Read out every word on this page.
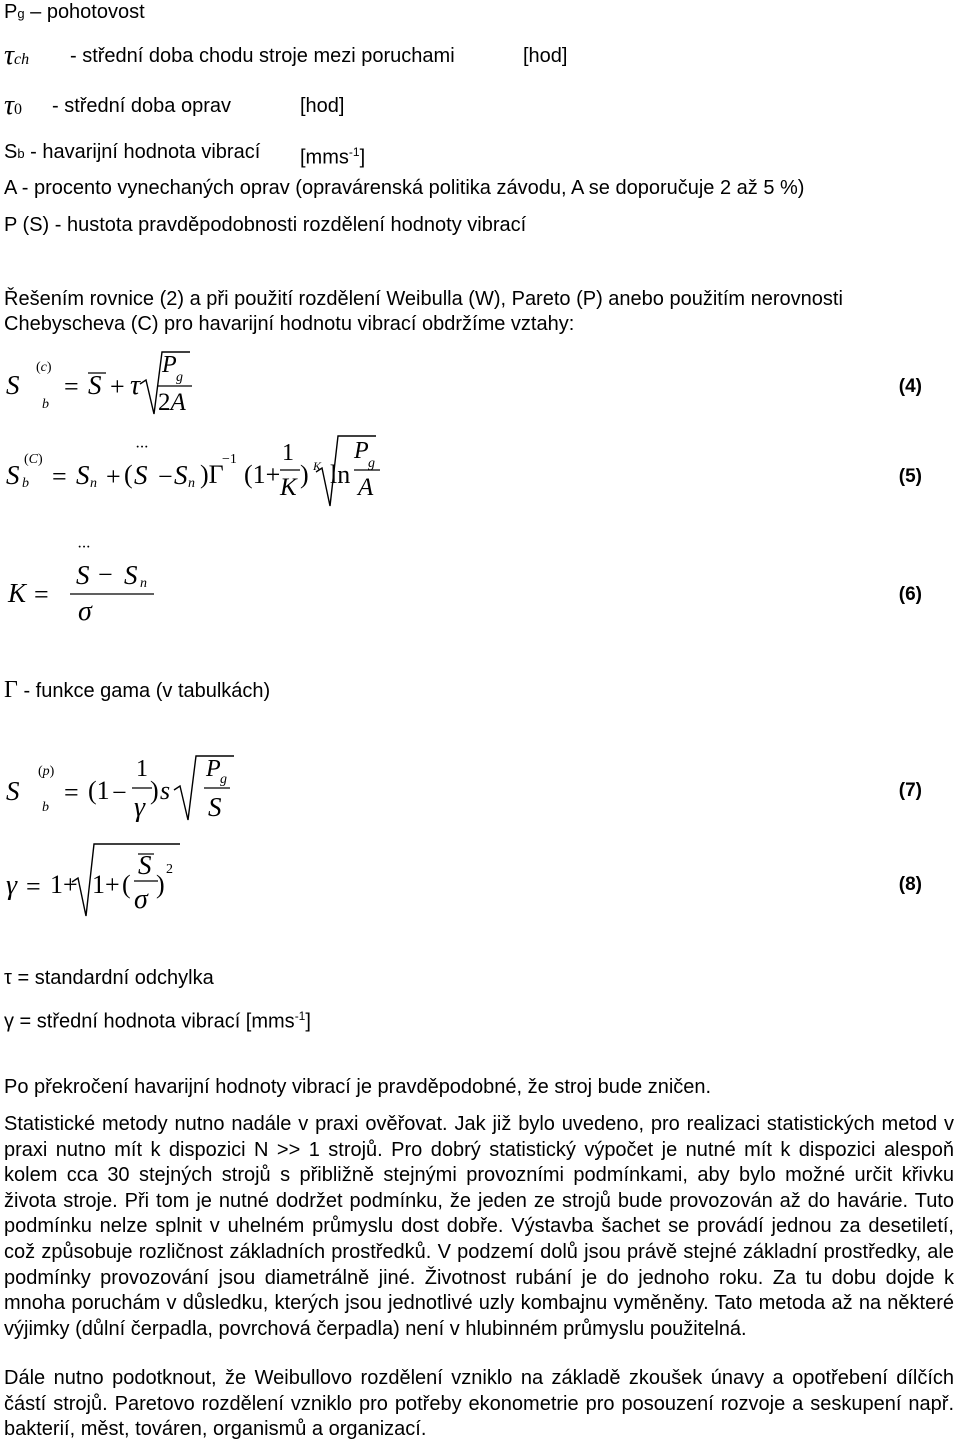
Pg – pohotovost
τch - střední doba chodu stroje mezi poruchami	[hod]
τ0 - střední doba oprav	[hod]
Sb - havarijní hodnota vibrací [mms$^{-1}$]
A - procento vynechaných oprav (opravárenská politika závodu, A se doporučuje 2 až 5 %)
P (S) - hustota pravděpodobnosti rozdělení hodnoty vibrací
Řešením rovnice (2) a při použití rozdělení Weibulla (W), Pareto (P) anebo použitím nerovnosti
Chebyscheva (C) pro havarijní hodnotu vibrací obdržíme vztahy:
S
(c)
b
= S + τ
P g
2A
(4)
S
(C)
b = S n + ( S
···
− S n )Γ
−1
(1+
1
K ) K ln
P g
A	(5)
K =
S
···
− S n
σ
(6)
Γ - funkce gama (v tabulkách)
S
(p)
b
= (1 −
1
γ
) s
P g
S
(7)
γ = 1+ 1+ (
S
σ )
2
(8)
τ = standardní odchylka
γ = střední hodnota vibrací [mms$^{-1}$]
Po překročení havarijní hodnoty vibrací je pravděpodobné, že stroj bude zničen.
Statistické metody nutno nadále v praxi ověřovat. Jak již bylo uvedeno, pro realizaci statistických metod v praxi nutno mít k dispozici N >> 1 strojů. Pro dobrý statistický výpočet je nutné mít k dispozici alespoň kolem cca 30 stejných strojů s přibližně stejnými provozními podmínkami, aby bylo možné určit křivku života stroje. Při tom je nutné dodržet podmínku, že jeden ze strojů bude provozován až do havárie. Tuto podmínku nelze splnit v uhelném průmyslu dost dobře. Výstavba šachet se provádí jednou za desetiletí, což způsobuje rozličnost základních prostředků. V podzemí dolů jsou právě stejné základní prostředky, ale podmínky provozování jsou diametrálně jiné. Životnost rubání je do jednoho roku. Za tu dobu dojde k mnoha poruchám v důsledku, kterých jsou jednotlivé uzly kombajnu vyměněny. Tato metoda až na některé výjimky (důlní čerpadla, povrchová čerpadla) není v hlubinném průmyslu použitelná.
Dále nutno podotknout, že Weibullovo rozdělení vzniklo na základě zkoušek únavy a opotřebení dílčích částí strojů. Paretovo rozdělení vzniklo pro potřeby ekonometrie pro posouzení rozvoje a seskupení např. bakterií, měst, továren, organismů a organizací.
